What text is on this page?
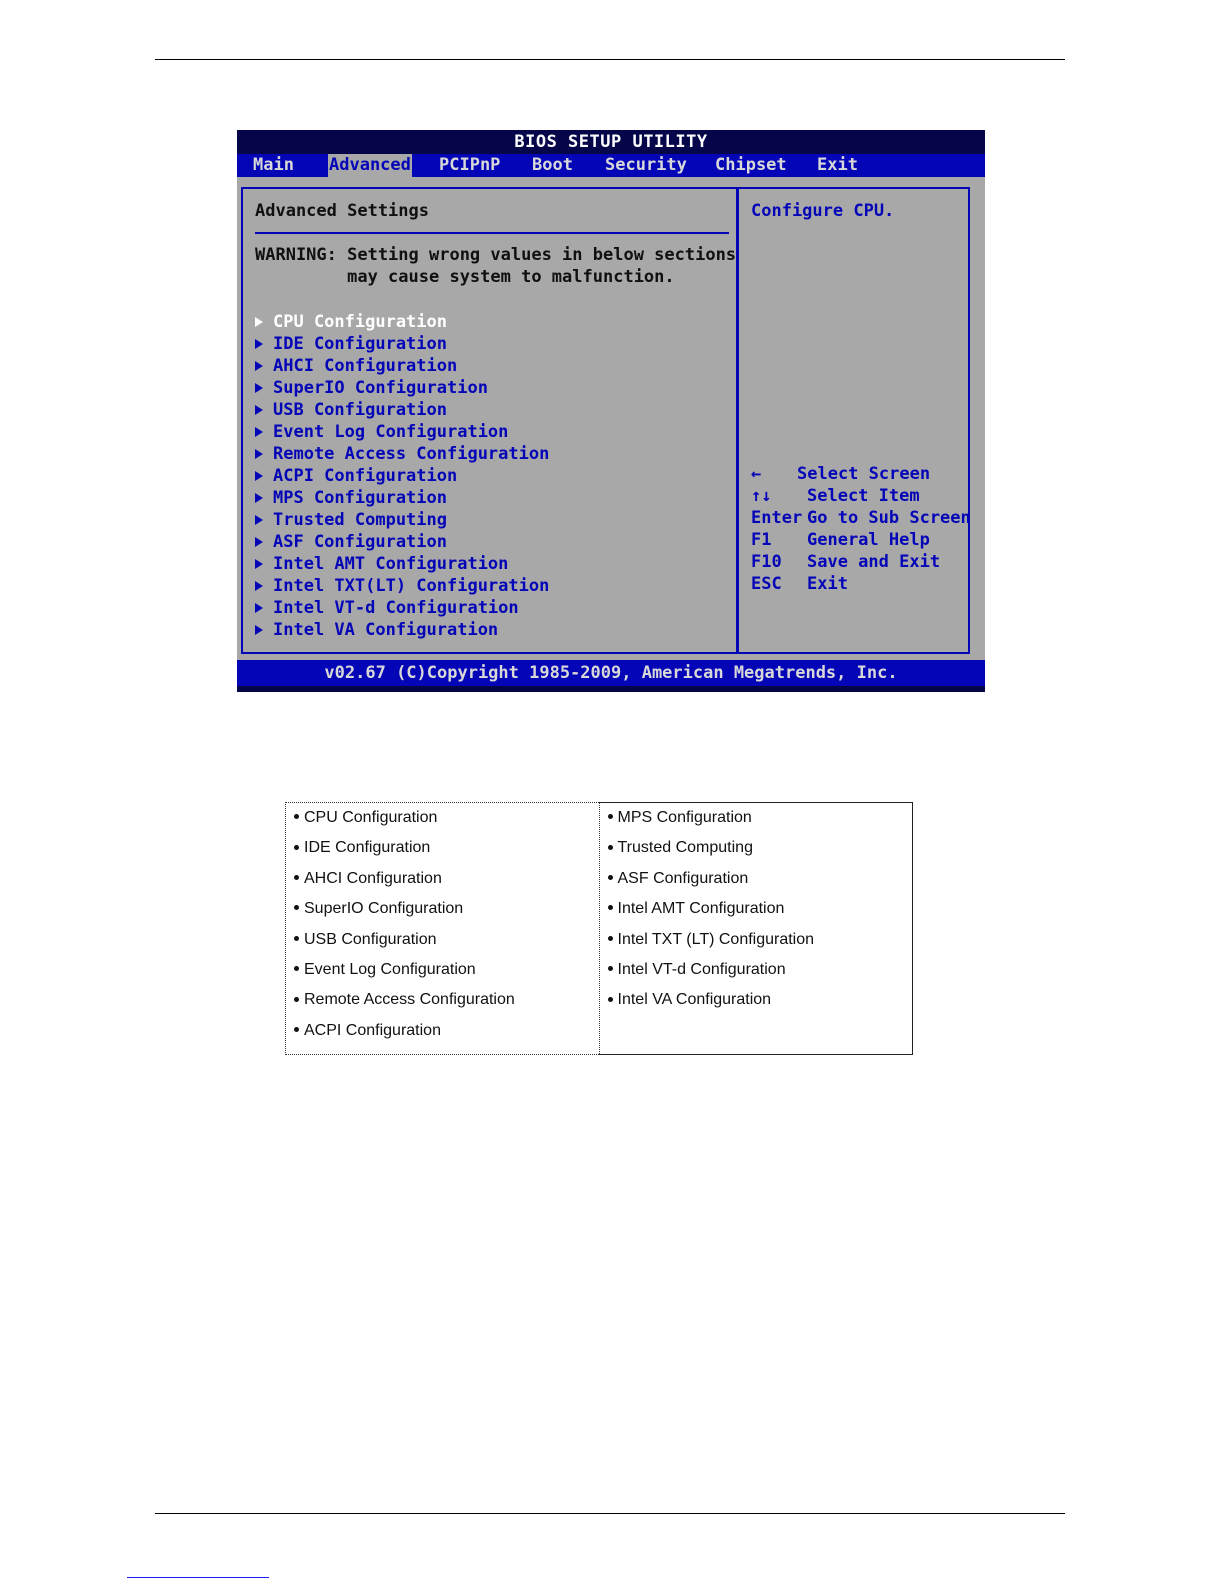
BIOS SETUP UTILITY
Main Advanced PCIPnP Boot Security Chipset Exit
Advanced Settings
WARNING: Setting wrong values in below sections
may cause system to malfunction.
CPU Configuration
IDE Configuration
AHCI Configuration
SuperIO Configuration
USB Configuration
Event Log Configuration
Remote Access Configuration
ACPI Configuration
MPS Configuration
Trusted Computing
ASF Configuration
Intel AMT Configuration
Intel TXT(LT) Configuration
Intel VT-d Configuration
Intel VA Configuration
Configure CPU.
← Select Screen
↑↓ Select Item
Enter Go to Sub Screen
F1 General Help
F10 Save and Exit
ESC Exit
v02.67 (C)Copyright 1985-2009, American Megatrends, Inc.
CPU Configuration
IDE Configuration
AHCI Configuration
SuperIO Configuration
USB Configuration
Event Log Configuration
Remote Access Configuration
ACPI Configuration

MPS Configuration
Trusted Computing
ASF Configuration
Intel AMT Configuration
Intel TXT (LT) Configuration
Intel VT-d Configuration
Intel VA Configuration
